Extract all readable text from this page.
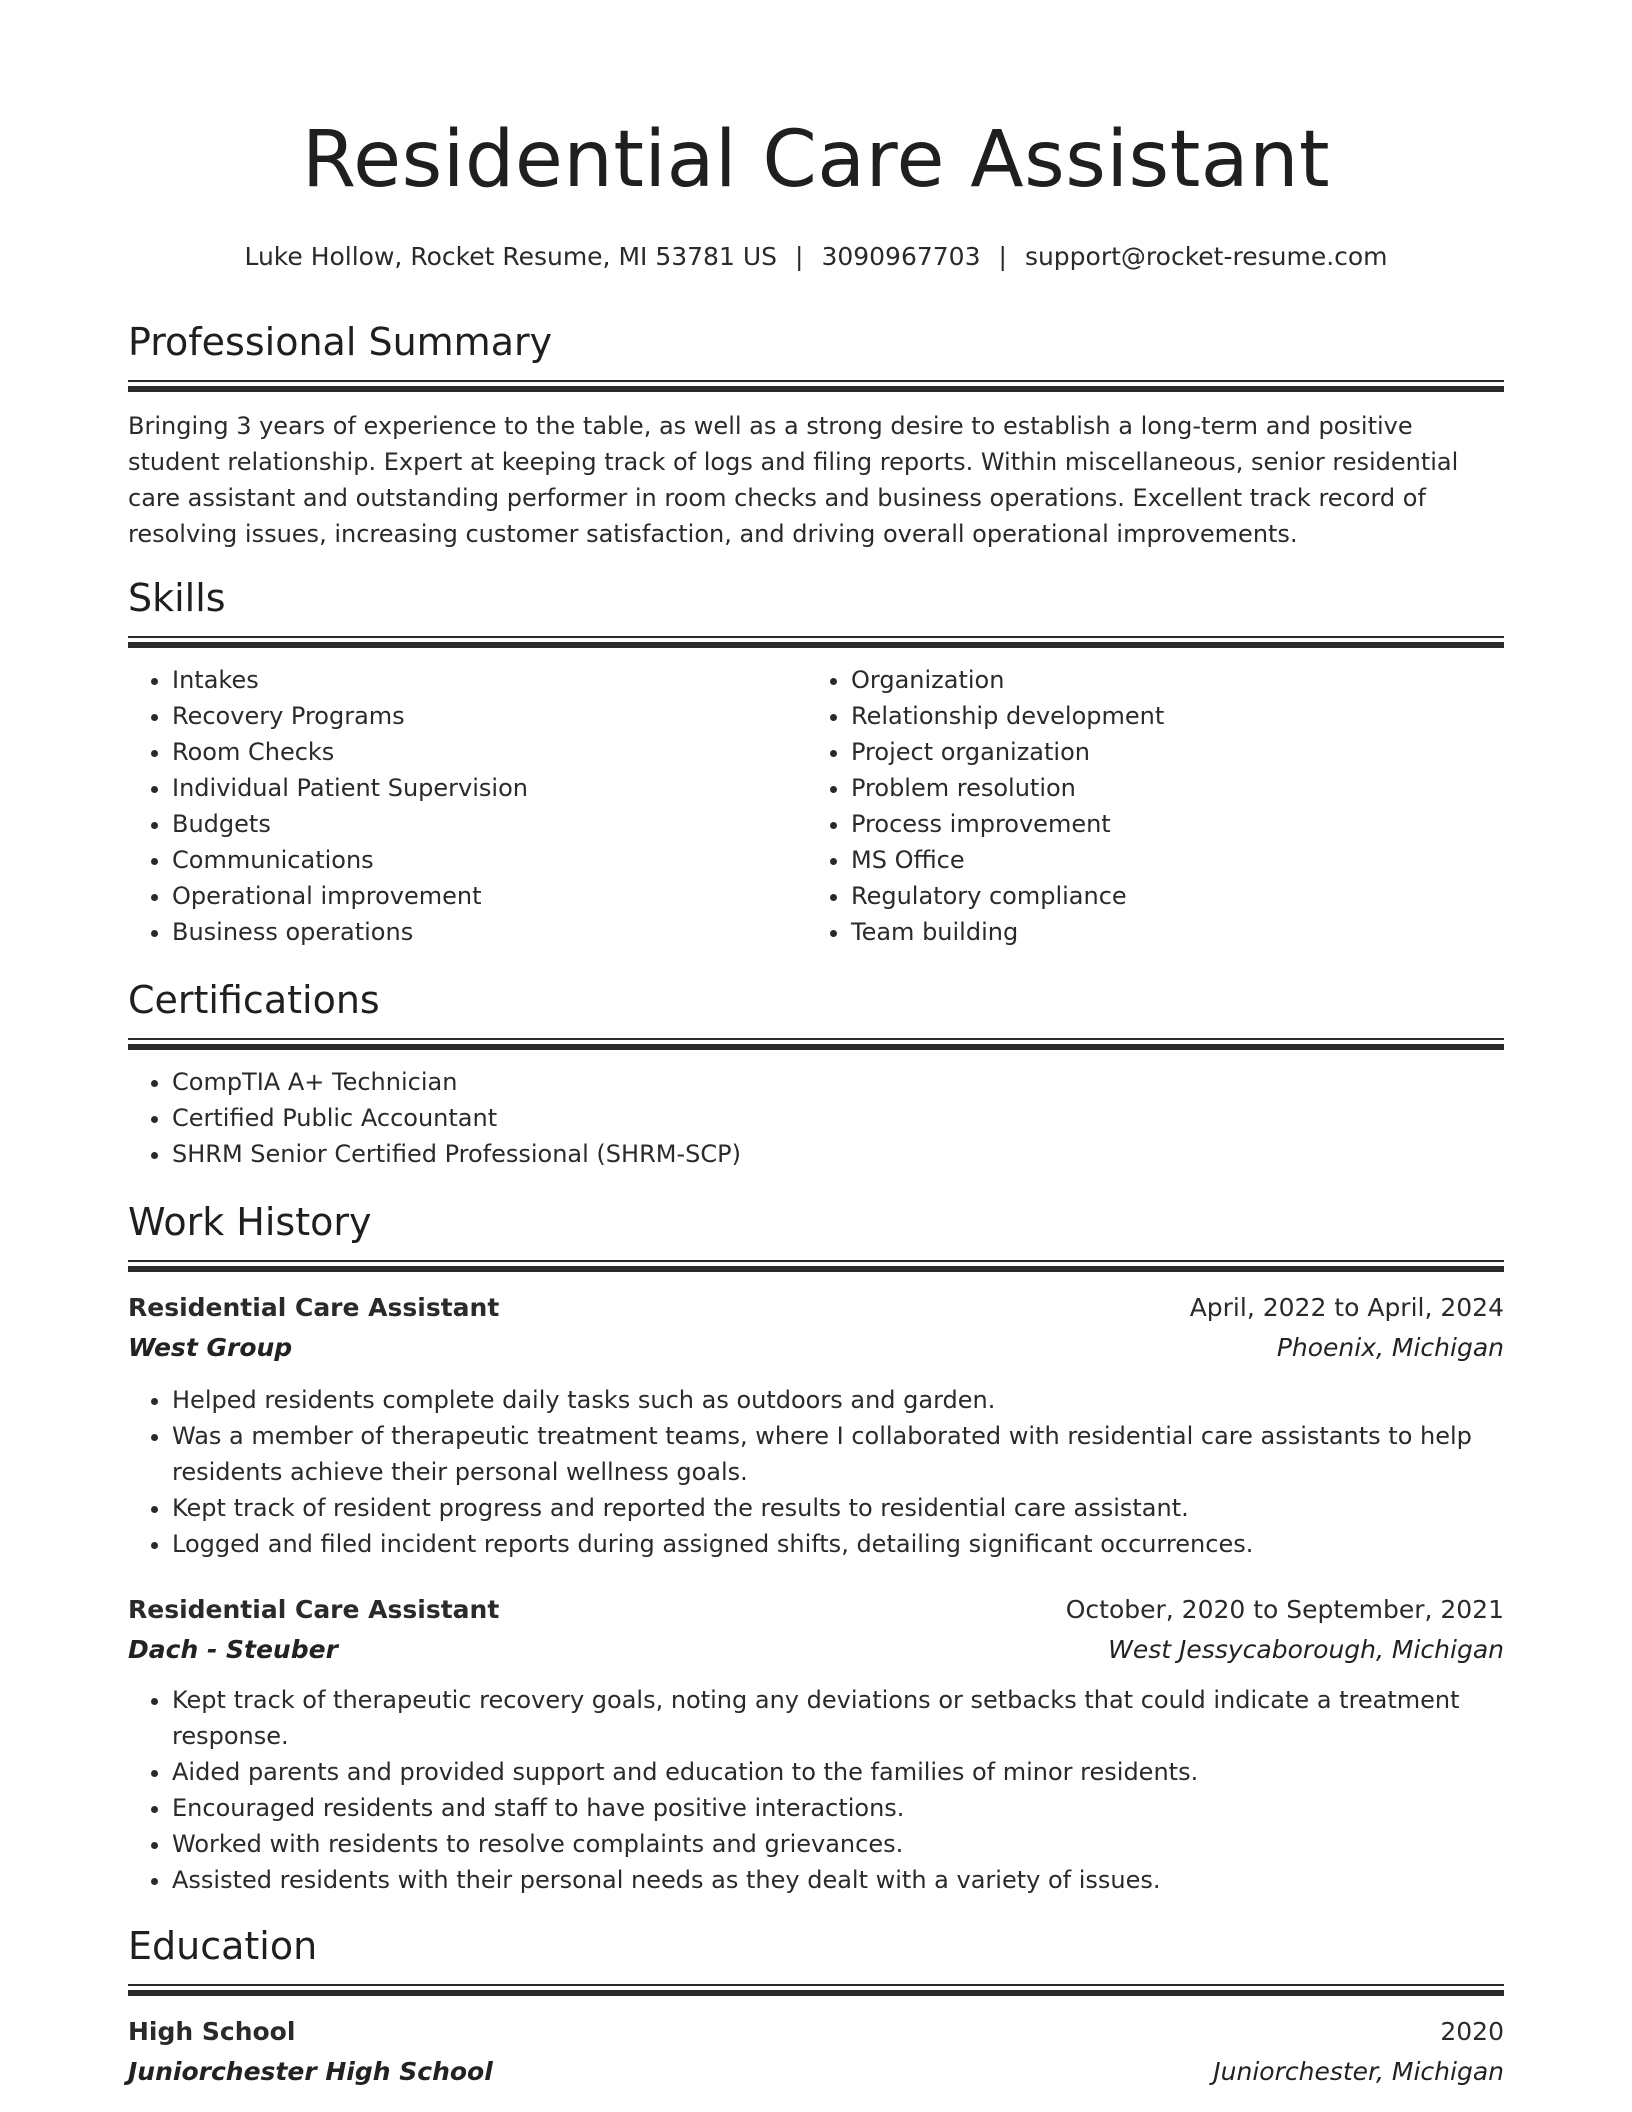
Residential Care Assistant
Luke Hollow, Rocket Resume, MI 53781 US | 3090967703 | support@rocket-resume.com
Professional Summary

Bringing 3 years of experience to the table, as well as a strong desire to establish a long-term and positive student relationship. Expert at keeping track of logs and filing reports. Within miscellaneous, senior residential care assistant and outstanding performer in room checks and business operations. Excellent track record of resolving issues, increasing customer satisfaction, and driving overall operational improvements.

Skills
• Intakes
• Recovery Programs
• Room Checks
• Individual Patient Supervision
• Budgets
• Communications
• Operational improvement
• Business operations
• Organization
• Relationship development
• Project organization
• Problem resolution
• Process improvement
• MS Office
• Regulatory compliance
• Team building
Certifications
• CompTIA A+ Technician
• Certified Public Accountant
• SHRM Senior Certified Professional (SHRM-SCP)
Work History
Residential Care Assistant	April, 2022 to April, 2024
West Group	Phoenix, Michigan
• Helped residents complete daily tasks such as outdoors and garden.
• Was a member of therapeutic treatment teams, where I collaborated with residential care assistants to help residents achieve their personal wellness goals.
• Kept track of resident progress and reported the results to residential care assistant.
• Logged and filed incident reports during assigned shifts, detailing significant occurrences.
Residential Care Assistant	October, 2020 to September, 2021
Dach - Steuber	West Jessycaborough, Michigan
• Kept track of therapeutic recovery goals, noting any deviations or setbacks that could indicate a treatment response.
• Aided parents and provided support and education to the families of minor residents.
• Encouraged residents and staff to have positive interactions.
• Worked with residents to resolve complaints and grievances.
• Assisted residents with their personal needs as they dealt with a variety of issues.
Education
High School	2020
Juniorchester High School	Juniorchester, Michigan
